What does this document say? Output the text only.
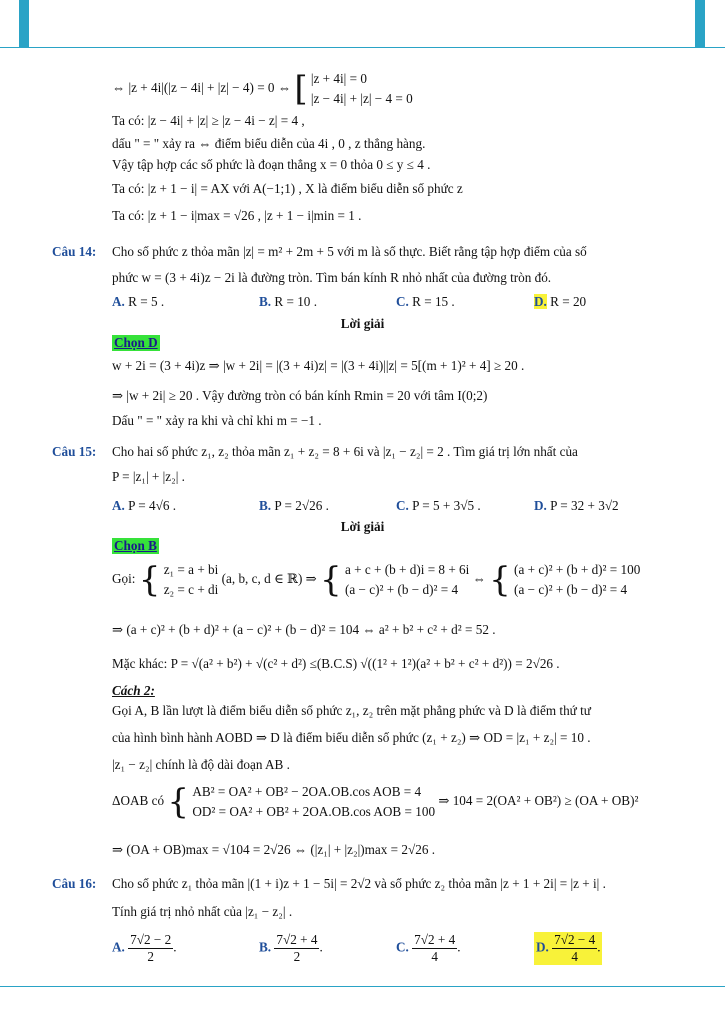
⇔ |z + 4i|(|z − 4i| + |z| − 4) = 0 ⇔ [ |z + 4i| = 0
|z − 4i| + |z| − 4 = 0
Ta có: |z − 4i| + |z| ≥ |z − 4i − z| = 4 ,
dấu " = " xảy ra ⇔ điểm biểu diễn của 4i , 0 , z thẳng hàng.
Vậy tập hợp các số phức là đoạn thẳng x = 0 thỏa 0 ≤ y ≤ 4 .
Ta có: |z + 1 − i| = AX với A(−1;1) , X là điểm biểu diễn số phức z
Ta có: |z + 1 − i|max = √26 , |z + 1 − i|min = 1 .
Câu 14: Cho số phức z thỏa mãn |z| = m² + 2m + 5 với m là số thực. Biết rằng tập hợp điểm của số
phức w = (3 + 4i)z − 2i là đường tròn. Tìm bán kính R nhỏ nhất của đường tròn đó.
A. R = 5 .	B. R = 10 .	C. R = 15 .	D. R = 20
Lời giải
Chọn D
w + 2i = (3 + 4i)z ⇒ |w + 2i| = |(3 + 4i)z| = |(3 + 4i)||z| = 5[(m + 1)² + 4] ≥ 20 .
⇒ |w + 2i| ≥ 20 . Vậy đường tròn có bán kính Rmin = 20 với tâm I(0;2)
Dấu " = " xảy ra khi và chỉ khi m = −1 .
Câu 15: Cho hai số phức z₁, z₂ thỏa mãn z₁ + z₂ = 8 + 6i và |z₁ − z₂| = 2 . Tìm giá trị lớn nhất của
P = |z₁| + |z₂| .
A. P = 4√6 .	B. P = 2√26 .	C. P = 5 + 3√5 .	D. P = 32 + 3√2
Lời giải
Chọn B
Gọi: { z₁ = a + bi
z₂ = c + di
(a, b, c, d ∈ ℝ) ⇒ { a + c + (b + d)i = 8 + 6i
(a − c)² + (b − d)² = 4
⇔ { (a + c)² + (b + d)² = 100
(a − c)² + (b − d)² = 4
⇒ (a + c)² + (b + d)² + (a − c)² + (b − d)² = 104 ⇔ a² + b² + c² + d² = 52 .
Mặc khác: P = √(a² + b²) + √(c² + d²) ≤(B.C.S) √((1² + 1²)(a² + b² + c² + d²)) = 2√26 .
Cách 2:
Gọi A, B lần lượt là điểm biểu diễn số phức z₁, z₂ trên mặt phẳng phức và D là điểm thứ tư
của hình bình hành AOBD ⇒ D là điểm biểu diễn số phức (z₁ + z₂) ⇒ OD = |z₁ + z₂| = 10 .
|z₁ − z₂| chính là độ dài đoạn AB .
ΔOAB có { AB² = OA² + OB² − 2OA.OB.cos AOB = 4
OD² = OA² + OB² + 2OA.OB.cos AOB = 100
⇒ 104 = 2(OA² + OB²) ≥ (OA + OB)²
⇒ (OA + OB)max = √104 = 2√26 ⇔ (|z₁| + |z₂|)max = 2√26 .
Câu 16: Cho số phức z₁ thỏa mãn |(1 + i)z + 1 − 5i| = 2√2 và số phức z₂ thỏa mãn |z + 1 + 2i| = |z + i| .
Tính giá trị nhỏ nhất của |z₁ − z₂| .
A. $\frac{7√2 - 2}{2}$ .	B. $\frac{7√2 + 4}{2}$ .	C. $\frac{7√2 + 4}{4}$ .	D. $\frac{7√2 - 4}{4}$ .
